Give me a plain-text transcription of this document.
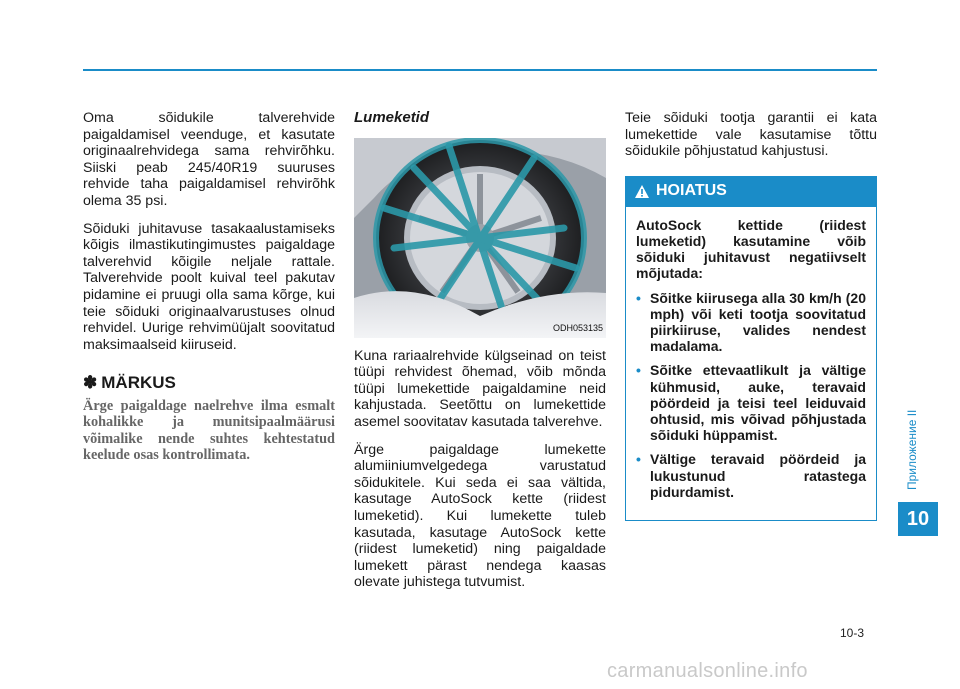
Oma sõidukile talverehvide paigaldamisel veenduge, et kasutate originaalrehvidega sama rehvirõhku. Siiski peab 245/40R19 suuruses rehvide taha paigaldamisel rehvirõhk olema 35 psi.

Sõiduki juhitavuse tasakaalustamiseks kõigis ilmastikutingimustes paigaldage talverehvid kõigile neljale rattale. Talverehvide poolt kuival teel pakutav pidamine ei pruugi olla sama kõrge, kui teie sõiduki originaalvarustuses olnud rehvidel. Uurige rehvimüüjalt soovitatud maksimaalseid kiiruseid.

✽ MÄRKUS

Ärge paigaldage naelrehve ilma esmalt kohalikke ja munitsipaalmäärusi võimalike nende suhtes kehtestatud keelude osas kontrollimata.

Lumeketid

ODH053135

Kuna rariaalrehvide külgseinad on teist tüüpi rehvidest õhemad, võib mõnda tüüpi lumekettide paigaldamine neid kahjustada. Seetõttu on lumekettide asemel soovitatav kasutada talverehve.

Ärge paigaldage lumekette alumiiniumvelgedega varustatud sõidukitele. Kui seda ei saa vältida, kasutage AutoSock kette (riidest lumeketid). Kui lumekette tuleb kasutada, kasutage AutoSock kette (riidest lumeketid) ning paigaldade lumekett pärast nendega kaasas olevate juhistega tutvumist.

Teie sõiduki tootja garantii ei kata lumekettide vale kasutamise tõttu sõidukile põhjustatud kahjustusi.

HOIATUS

AutoSock kettide (riidest lumeketid) kasutamine võib sõiduki juhitavust negatiivselt mõjutada:

• Sõitke kiirusega alla 30 km/h (20 mph) või keti tootja soovitatud piirkiiruse, valides nendest madalama.
• Sõitke ettevaatlikult ja vältige kühmusid, auke, teravaid pöördeid ja teisi teel leiduvaid ohtusid, mis võivad põhjustada sõiduki hüppamist.
• Vältige teravaid pöördeid ja lukustunud ratastega pidurdamist.
Приложение II
10
10-3
carmanualsonline.info
